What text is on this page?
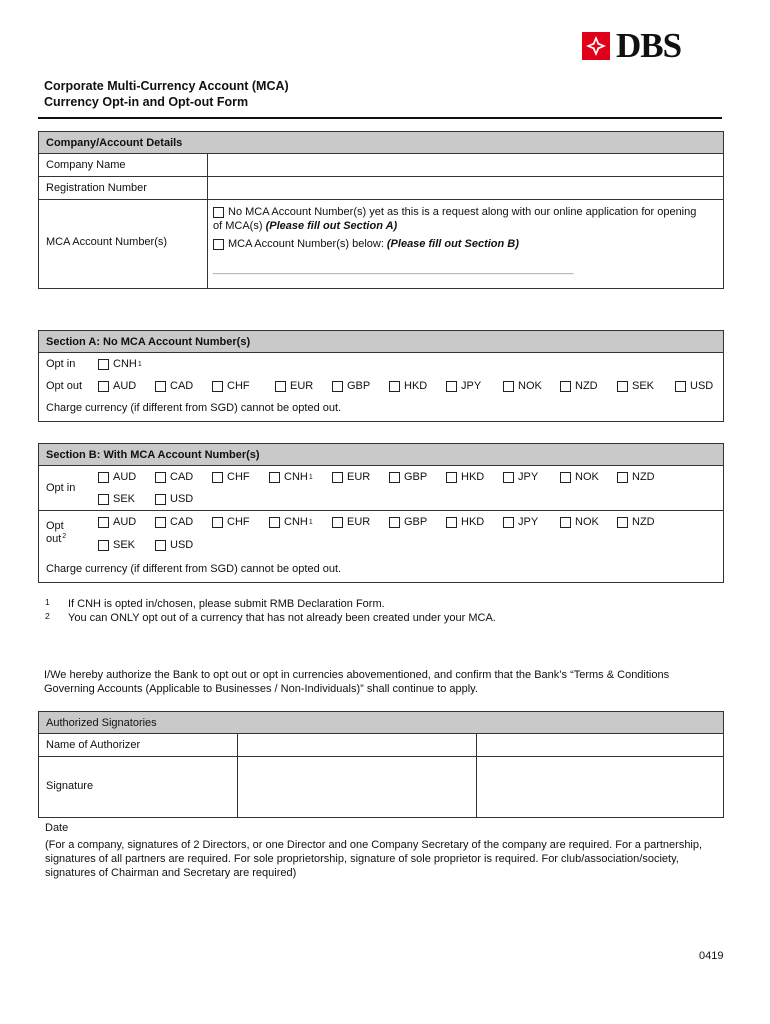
DBS
Corporate Multi-Currency Account (MCA)
Currency Opt-in and Opt-out Form
Company/Account Details
Company Name
Registration Number
MCA Account Number(s)
No MCA Account Number(s) yet as this is a request along with our online application for opening
of MCA(s) (Please fill out Section A)
MCA Account Number(s) below: (Please fill out Section B)
________________________________________________________________________
Section A: No MCA Account Number(s)
Opt in	CNH 1
Opt out	AUD	CAD	CHF	EUR	GBP	HKD	JPY	NOK	NZD	SEK	USD
Charge currency (if different from SGD) cannot be opted out.
Section B: With MCA Account Number(s)
Opt in
AUD	CAD	CHF	CNH 1	EUR	GBP	HKD	JPY	NOK	NZD
SEK	USD
Opt
out$^2$
AUD	CAD	CHF	CNH 1	EUR	GBP	HKD	JPY	NOK	NZD
SEK	USD
Charge currency (if different from SGD) cannot be opted out.
1 If CNH is opted in/chosen, please submit RMB Declaration Form.
2 You can ONLY opt out of a currency that has not already been created under your MCA.
I/We hereby authorize the Bank to opt out or opt in currencies abovementioned, and confirm that the Bank’s “Terms & Conditions
Governing Accounts (Applicable to Businesses / Non-Individuals)” shall continue to apply.
Authorized Signatories
Name of Authorizer
Signature
Date
(For a company, signatures of 2 Directors, or one Director and one Company Secretary of the company are required. For a partnership,
signatures of all partners are required. For sole proprietorship, signature of sole proprietor is required. For club/association/society,
signatures of Chairman and Secretary are required)
0419
